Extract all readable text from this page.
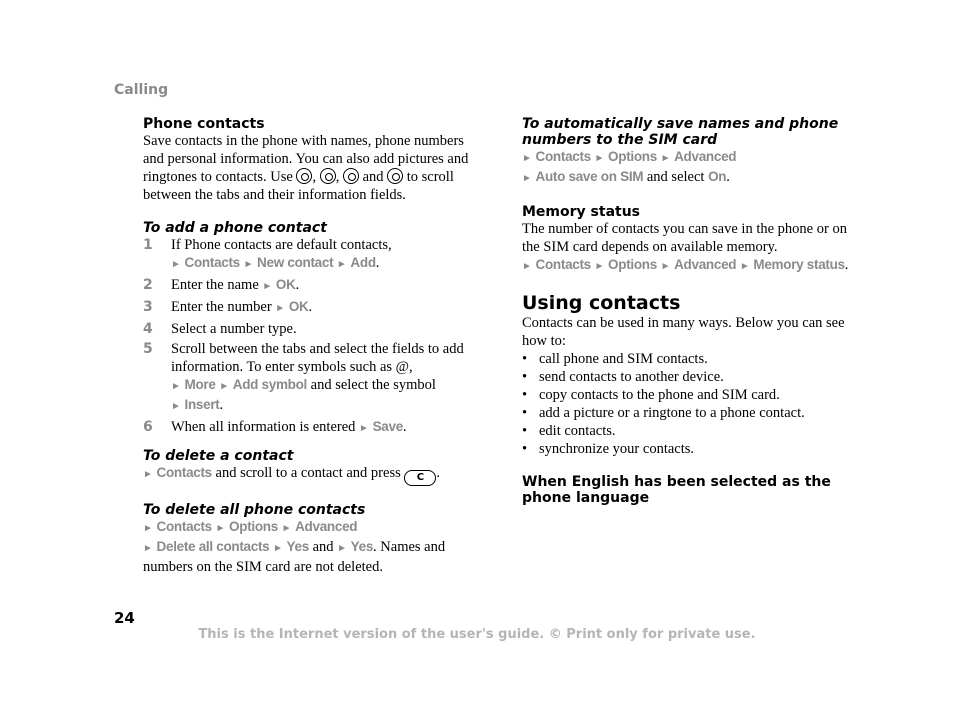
Calling
Phone contacts

Save contacts in the phone with names, phone numbers and personal information. You can also add pictures and ringtones to contacts. Use , , and to scroll between the tabs and their information fields.

To add a phone contact
1 If Phone contacts are default contacts,
► Contacts ► New contact ► Add.
2 Enter the name ► OK.
3 Enter the number ► OK.
4 Select a number type.
5 Scroll between the tabs and select the fields to add information. To enter symbols such as @,
► More ► Add symbol and select the symbol
► Insert.
6 When all information is entered ► Save.
To delete a contact

► Contacts and scroll to a contact and press C .

To delete all phone contacts

► Contacts ► Options ► Advanced
► Delete all contacts ► Yes and ► Yes. Names and numbers on the SIM card are not deleted.

To automatically save names and phone numbers to the SIM card

► Contacts ► Options ► Advanced
► Auto save on SIM and select On.

Memory status

The number of contacts you can save in the phone or on the SIM card depends on available memory.
► Contacts ► Options ► Advanced ► Memory status.

Using contacts

Contacts can be used in many ways. Below you can see how to:

• call phone and SIM contacts.
• send contacts to another device.
• copy contacts to the phone and SIM card.
• add a picture or a ringtone to a phone contact.
• edit contacts.
• synchronize your contacts.
When English has been selected as the phone language
24
This is the Internet version of the user's guide. © Print only for private use.
